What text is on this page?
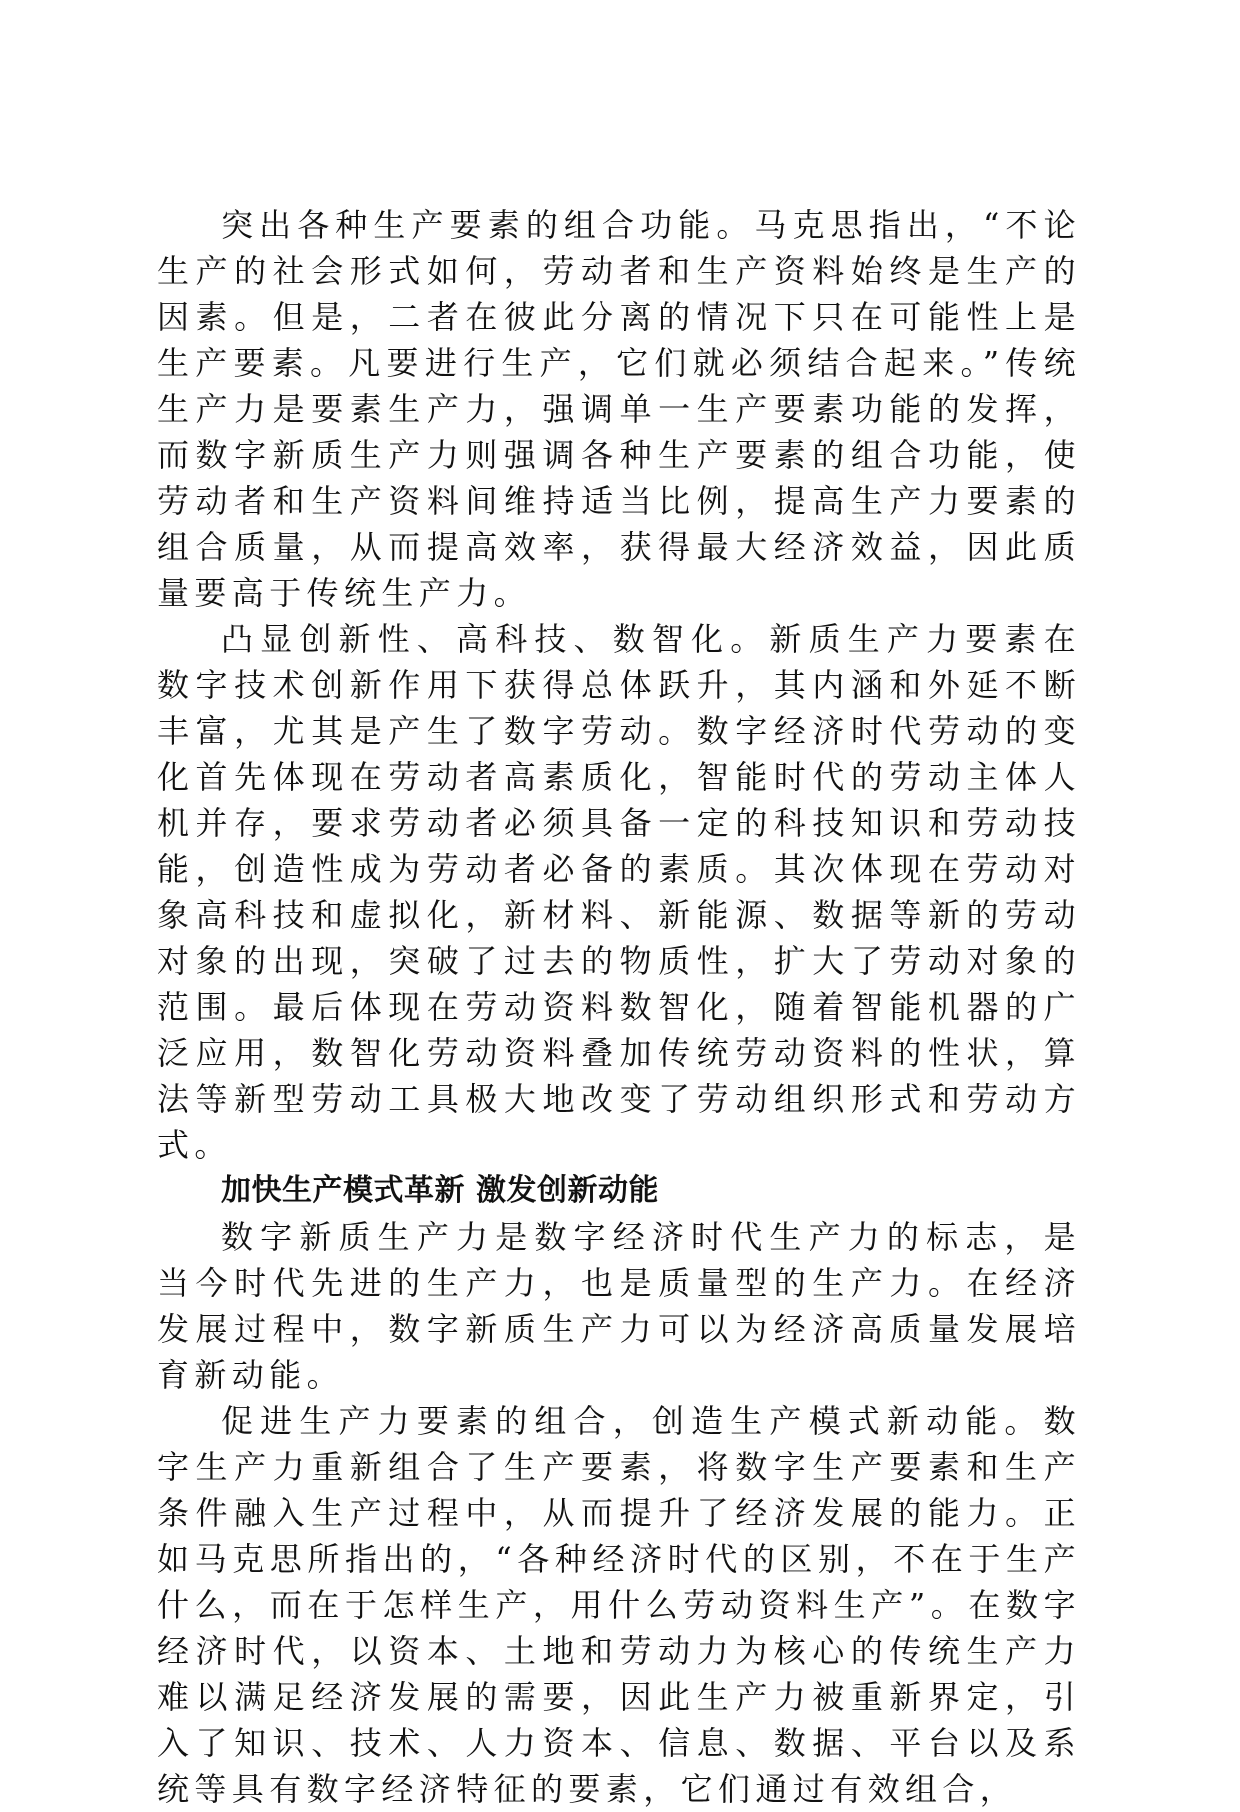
突出各种生产要素的组合功能。马克思指出，“不论生产的社会形式如何，劳动者和生产资料始终是生产的因素。但是，二者在彼此分离的情况下只在可能性上是生产要素。凡要进行生产，它们就必须结合起来。”传统生产力是要素生产力，强调单一生产要素功能的发挥，而数字新质生产力则强调各种生产要素的组合功能，使劳动者和生产资料间维持适当比例，提高生产力要素的组合质量，从而提高效率，获得最大经济效益，因此质量要高于传统生产力。

凸显创新性、高科技、数智化。新质生产力要素在数字技术创新作用下获得总体跃升，其内涵和外延不断丰富，尤其是产生了数字劳动。数字经济时代劳动的变化首先体现在劳动者高素质化，智能时代的劳动主体人机并存，要求劳动者必须具备一定的科技知识和劳动技能，创造性成为劳动者必备的素质。其次体现在劳动对象高科技和虚拟化，新材料、新能源、数据等新的劳动对象的出现，突破了过去的物质性，扩大了劳动对象的范围。最后体现在劳动资料数智化，随着智能机器的广泛应用，数智化劳动资料叠加传统劳动资料的性状，算法等新型劳动工具极大地改变了劳动组织形式和劳动方式。

加快生产模式革新 激发创新动能

数字新质生产力是数字经济时代生产力的标志，是当今时代先进的生产力，也是质量型的生产力。在经济发展过程中，数字新质生产力可以为经济高质量发展培育新动能。

促进生产力要素的组合，创造生产模式新动能。数字生产力重新组合了生产要素，将数字生产要素和生产条件融入生产过程中，从而提升了经济发展的能力。正如马克思所指出的，“各种经济时代的区别，不在于生产什么，而在于怎样生产，用什么劳动资料生产”。在数字经济时代，以资本、土地和劳动力为核心的传统生产力难以满足经济发展的需要，因此生产力被重新界定，引入了知识、技术、人力资本、信息、数据、平台以及系统等具有数字经济特征的要素，它们通过有效组合，
